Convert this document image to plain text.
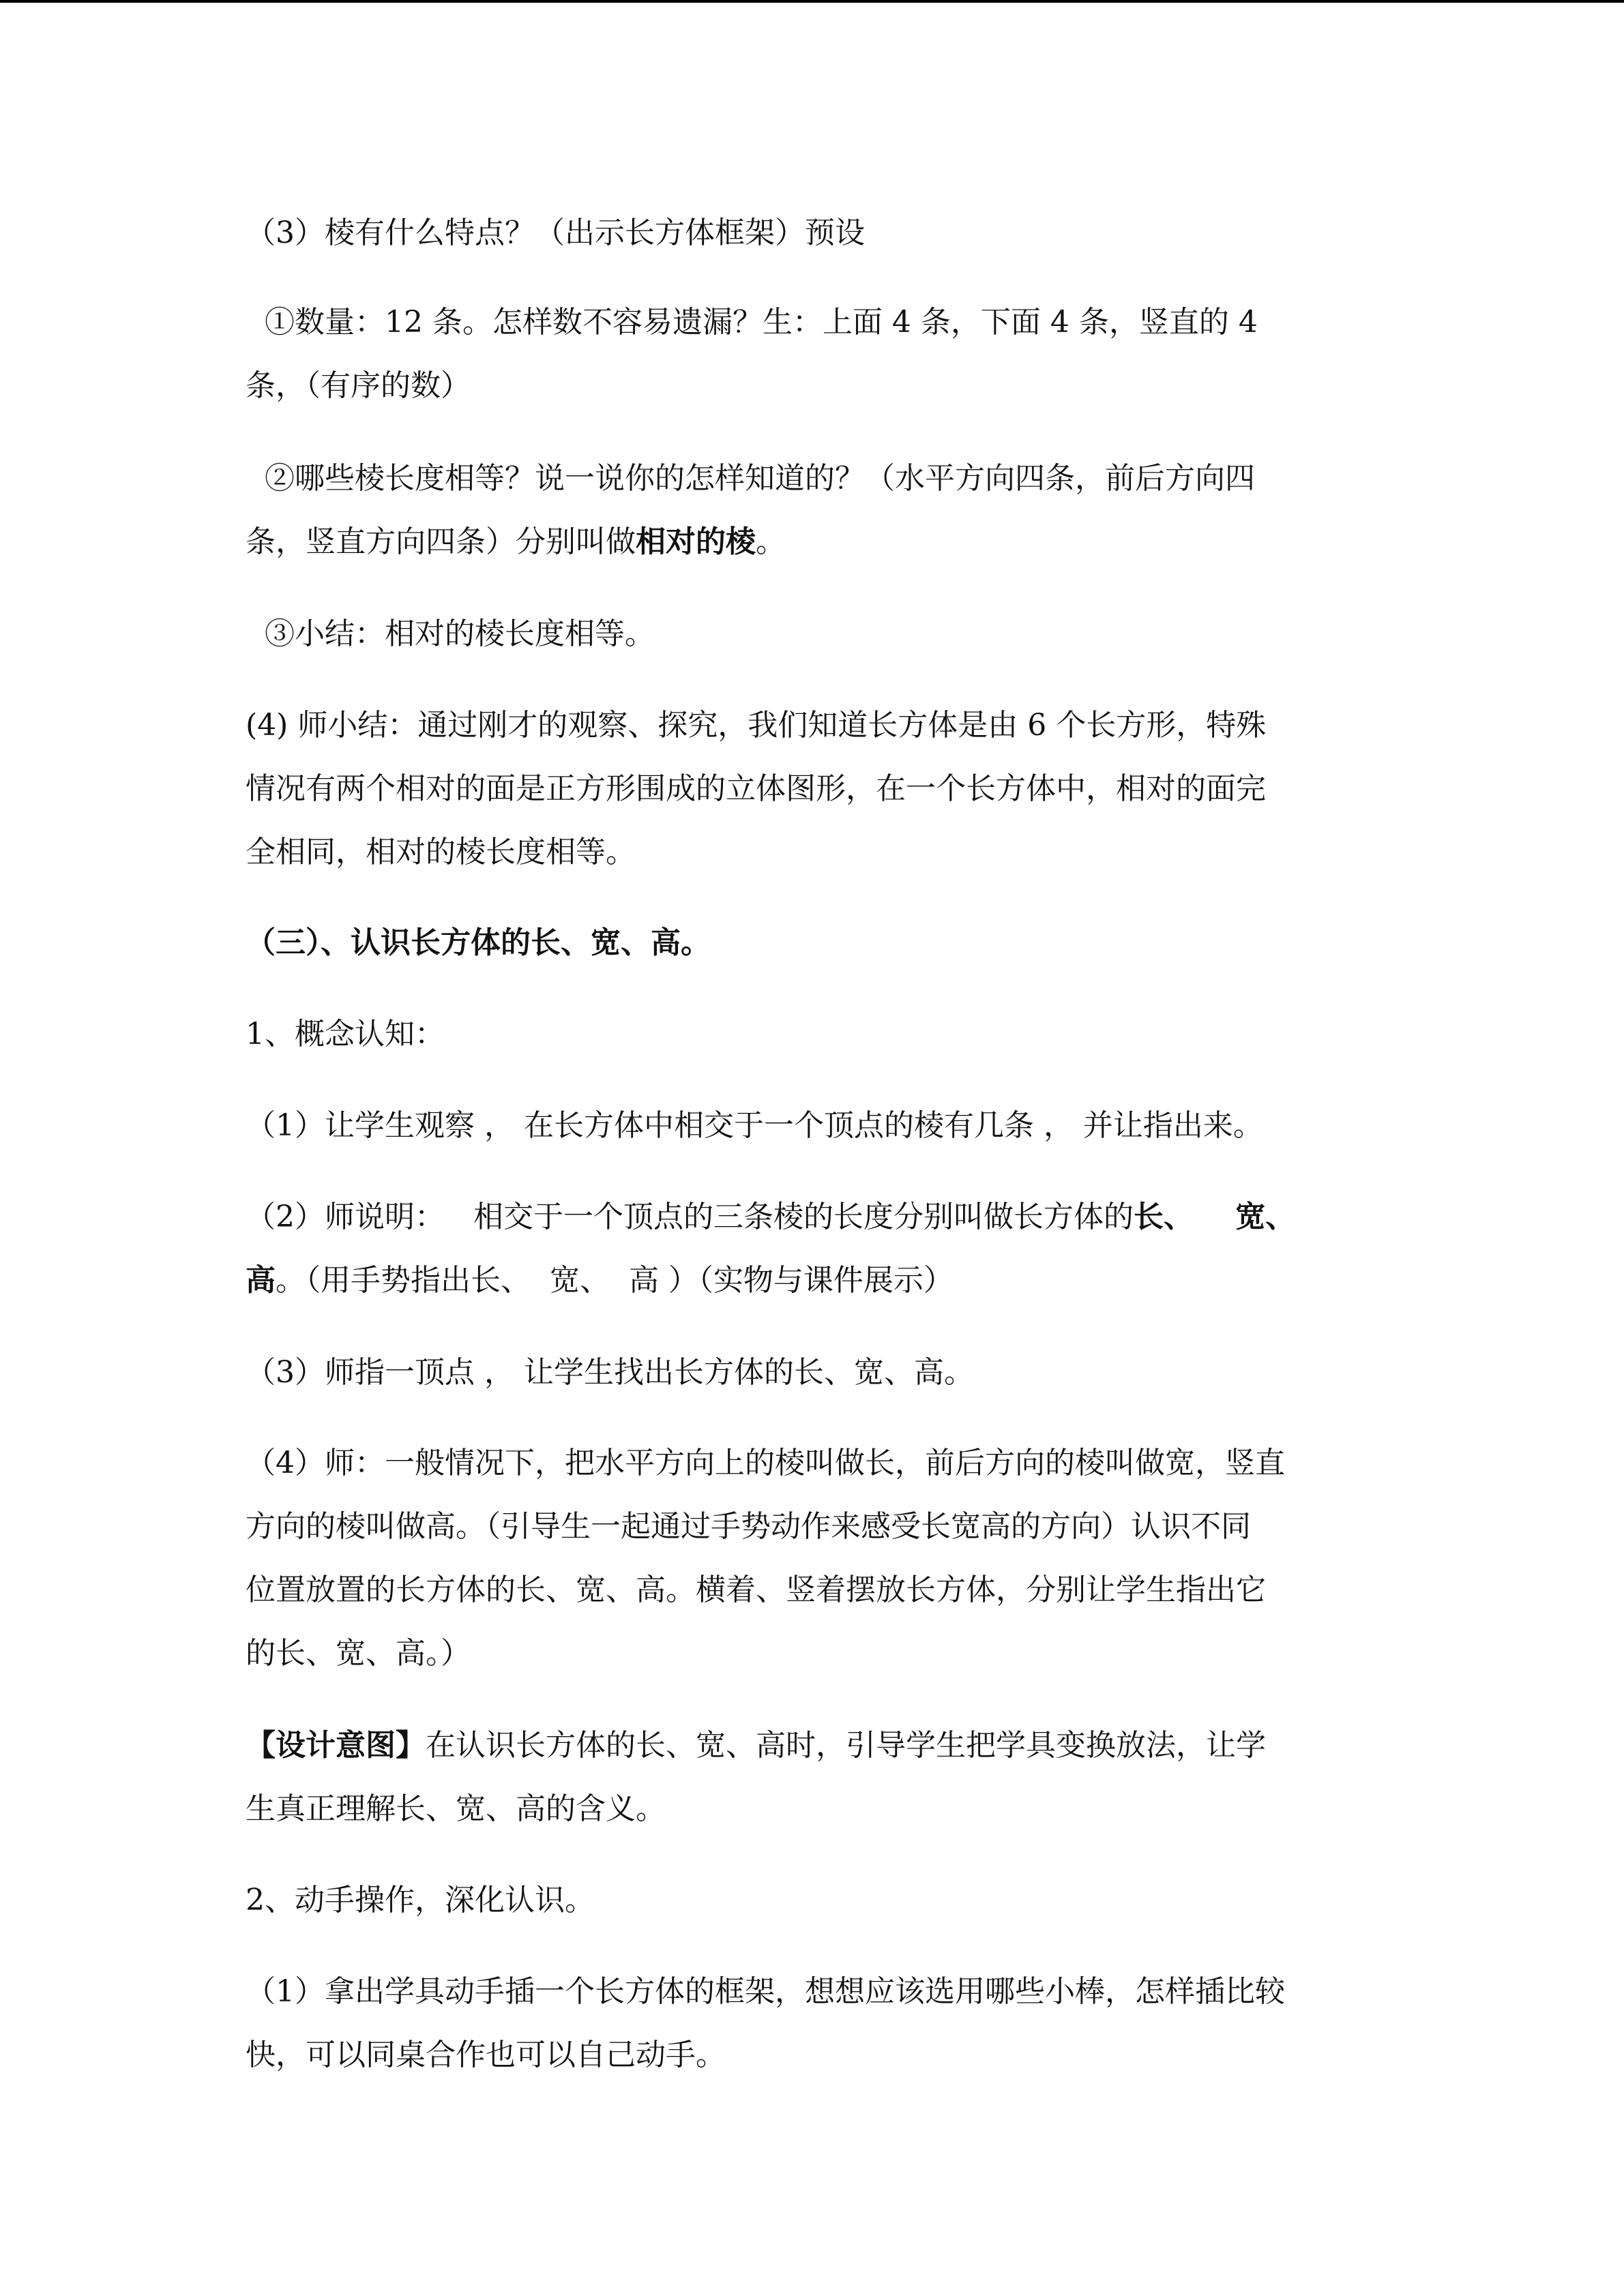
（3）棱有什么特点？（出示长方体框架）预设
①数量：12 条。怎样数不容易遗漏？生：上面 4 条，下面 4 条，竖直的 4
条，（有序的数）
②哪些棱长度相等？说一说你的怎样知道的？（水平方向四条，前后方向四
条，竖直方向四条）分别叫做相对的棱。
③小结：相对的棱长度相等。
(4) 师小结：通过刚才的观察、探究，我们知道长方体是由 6 个长方形，特殊
情况有两个相对的面是正方形围成的立体图形，在一个长方体中，相对的面完
全相同，相对的棱长度相等。
（三）、认识长方体的长、宽、高。
1、概念认知：
（1）让学生观察 ， 在长方体中相交于一个顶点的棱有几条 ， 并让指出来。
（2）师说明：   相交于一个顶点的三条棱的长度分别叫做长方体的长、    宽、
高。（用手势指出长、  宽、  高 ）（实物与课件展示）
（3）师指一顶点 ， 让学生找出长方体的长、宽、高。
（4）师：一般情况下，把水平方向上的棱叫做长，前后方向的棱叫做宽，竖直
方向的棱叫做高。（引导生一起通过手势动作来感受长宽高的方向）认识不同
位置放置的长方体的长、宽、高。横着、竖着摆放长方体，分别让学生指出它
的长、宽、高。）
【设计意图】在认识长方体的长、宽、高时，引导学生把学具变换放法，让学
生真正理解长、宽、高的含义。
2、动手操作，深化认识。
（1）拿出学具动手插一个长方体的框架，想想应该选用哪些小棒，怎样插比较
快，可以同桌合作也可以自己动手。
